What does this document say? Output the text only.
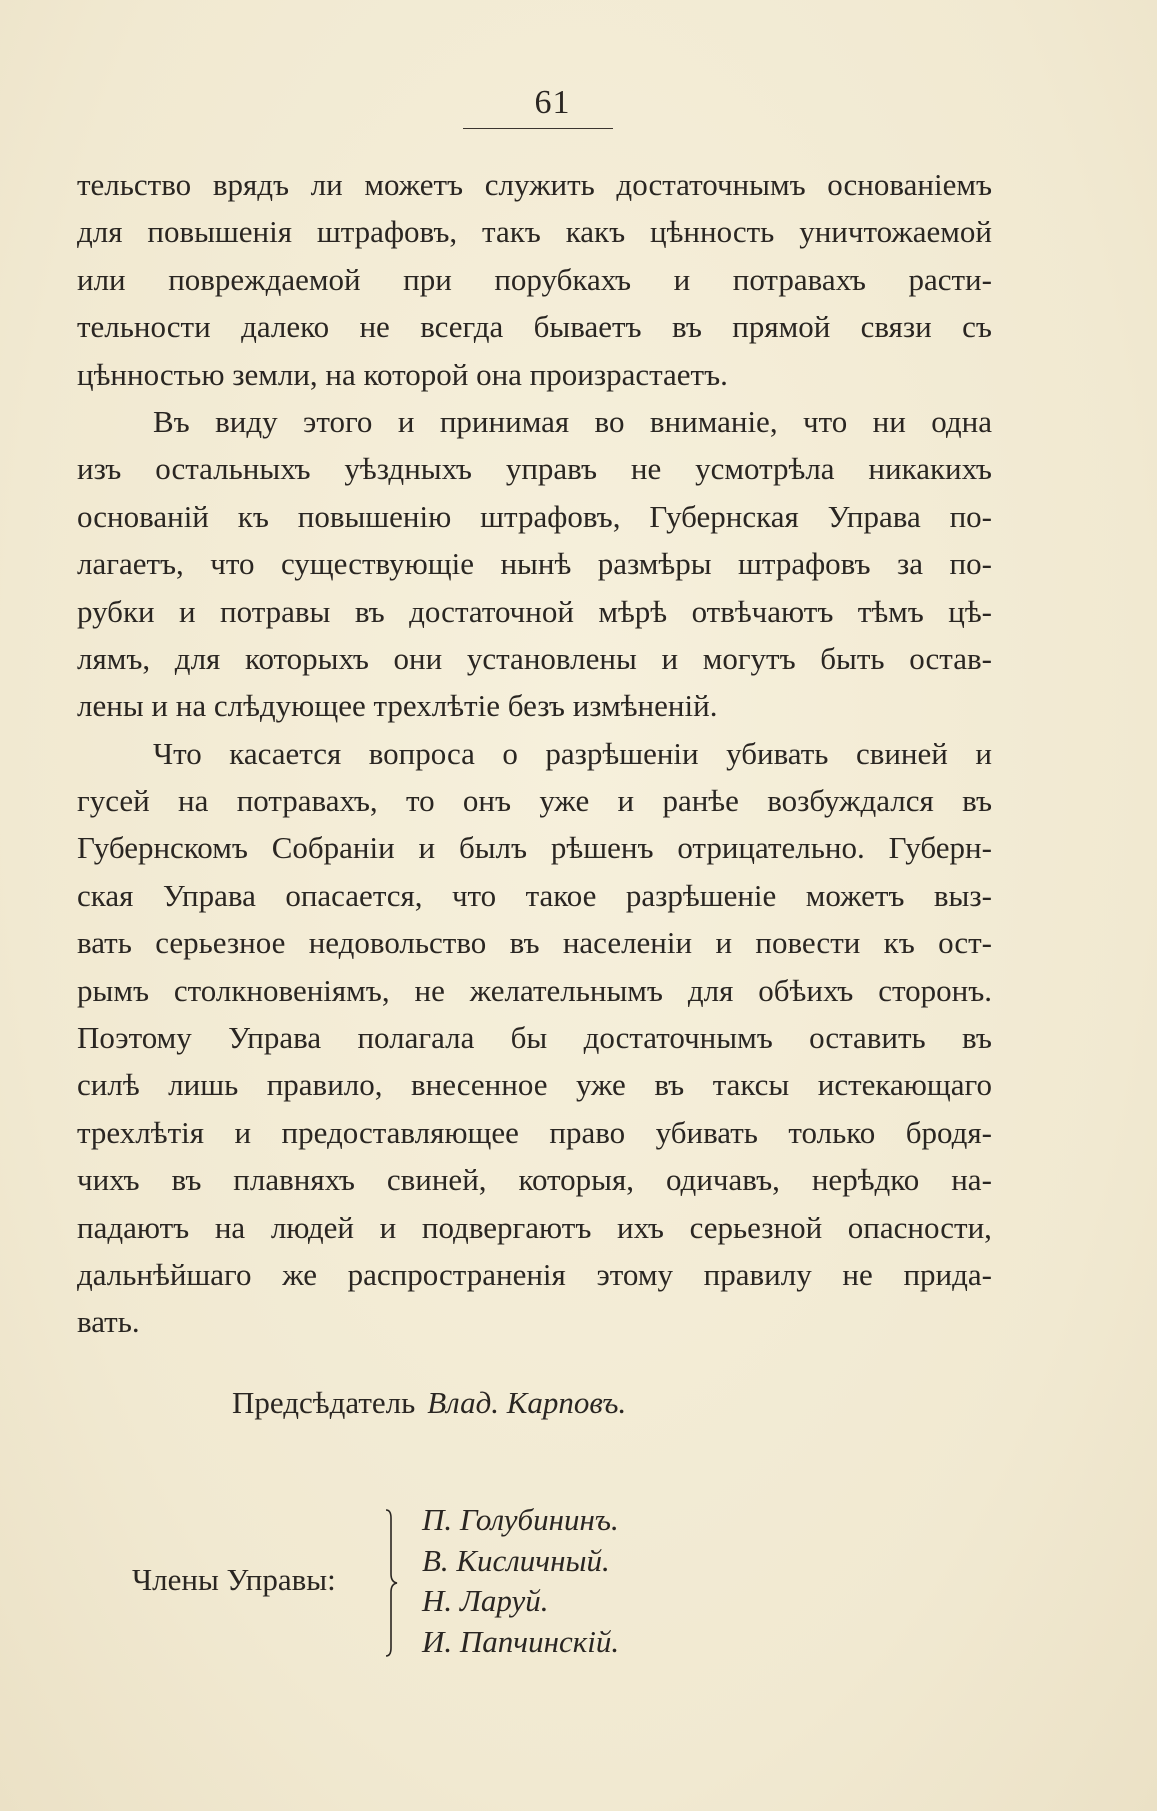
61
тельство врядъ ли можетъ служить достаточнымъ основаніемъ
для повышенія штрафовъ, такъ какъ цѣнность уничтожаемой
или повреждаемой при порубкахъ и потравахъ расти-
тельности далеко не всегда бываетъ въ прямой связи съ
цѣнностью земли, на которой она произрастаетъ.
Въ виду этого и принимая во вниманіе, что ни одна
изъ остальныхъ уѣздныхъ управъ не усмотрѣла никакихъ
основаній къ повышенію штрафовъ, Губернская Управа по-
лагаетъ, что существующіе нынѣ размѣры штрафовъ за по-
рубки и потравы въ достаточной мѣрѣ отвѣчаютъ тѣмъ цѣ-
лямъ, для которыхъ они установлены и могутъ быть остав-
лены и на слѣдующее трехлѣтіе безъ измѣненій.
Что касается вопроса о разрѣшеніи убивать свиней и
гусей на потравахъ, то онъ уже и ранѣе возбуждался въ
Губернскомъ Собраніи и былъ рѣшенъ отрицательно. Губерн-
ская Управа опасается, что такое разрѣшеніе можетъ выз-
вать серьезное недовольство въ населеніи и повести къ ост-
рымъ столкновеніямъ, не желательнымъ для обѣихъ сторонъ.
Поэтому Управа полагала бы достаточнымъ оставить въ
силѣ лишь правило, внесенное уже въ таксы истекающаго
трехлѣтія и предоставляющее право убивать только бродя-
чихъ въ плавняхъ свиней, которыя, одичавъ, нерѣдко на-
падаютъ на людей и подвергаютъ ихъ серьезной опасности,
дальнѣйшаго же распространенія этому правилу не прида-
вать.
Предсѣдатель Влад. Карповъ.
Члены Управы:
П. Голубининъ.
В. Кисличный.
Н. Ларуй.
И. Папчинскій.
